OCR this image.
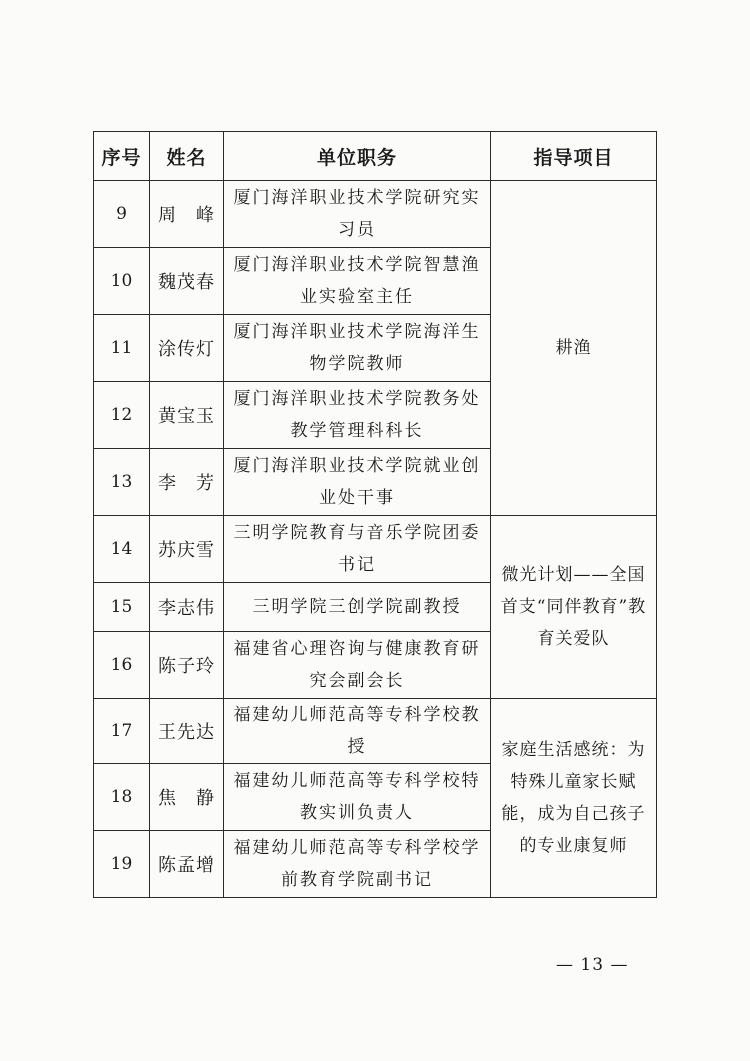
序号	姓名	单位职务	指导项目
9	周　峰	厦门海洋职业技术学院研究实习员	耕渔
10	魏茂春	厦门海洋职业技术学院智慧渔业实验室主任	
11	涂传灯	厦门海洋职业技术学院海洋生物学院教师	
12	黄宝玉	厦门海洋职业技术学院教务处教学管理科科长	
13	李　芳	厦门海洋职业技术学院就业创业处干事	
14	苏庆雪	三明学院教育与音乐学院团委书记	微光计划——全国首支“同伴教育”教育关爱队
15	李志伟	三明学院三创学院副教授	
16	陈子玲	福建省心理咨询与健康教育研究会副会长	
17	王先达	福建幼儿师范高等专科学校教授	家庭生活感统：为特殊儿童家长赋能，成为自己孩子的专业康复师
18	焦　静	福建幼儿师范高等专科学校特教实训负责人	
19	陈孟增	福建幼儿师范高等专科学校学前教育学院副书记	
— 13 —
